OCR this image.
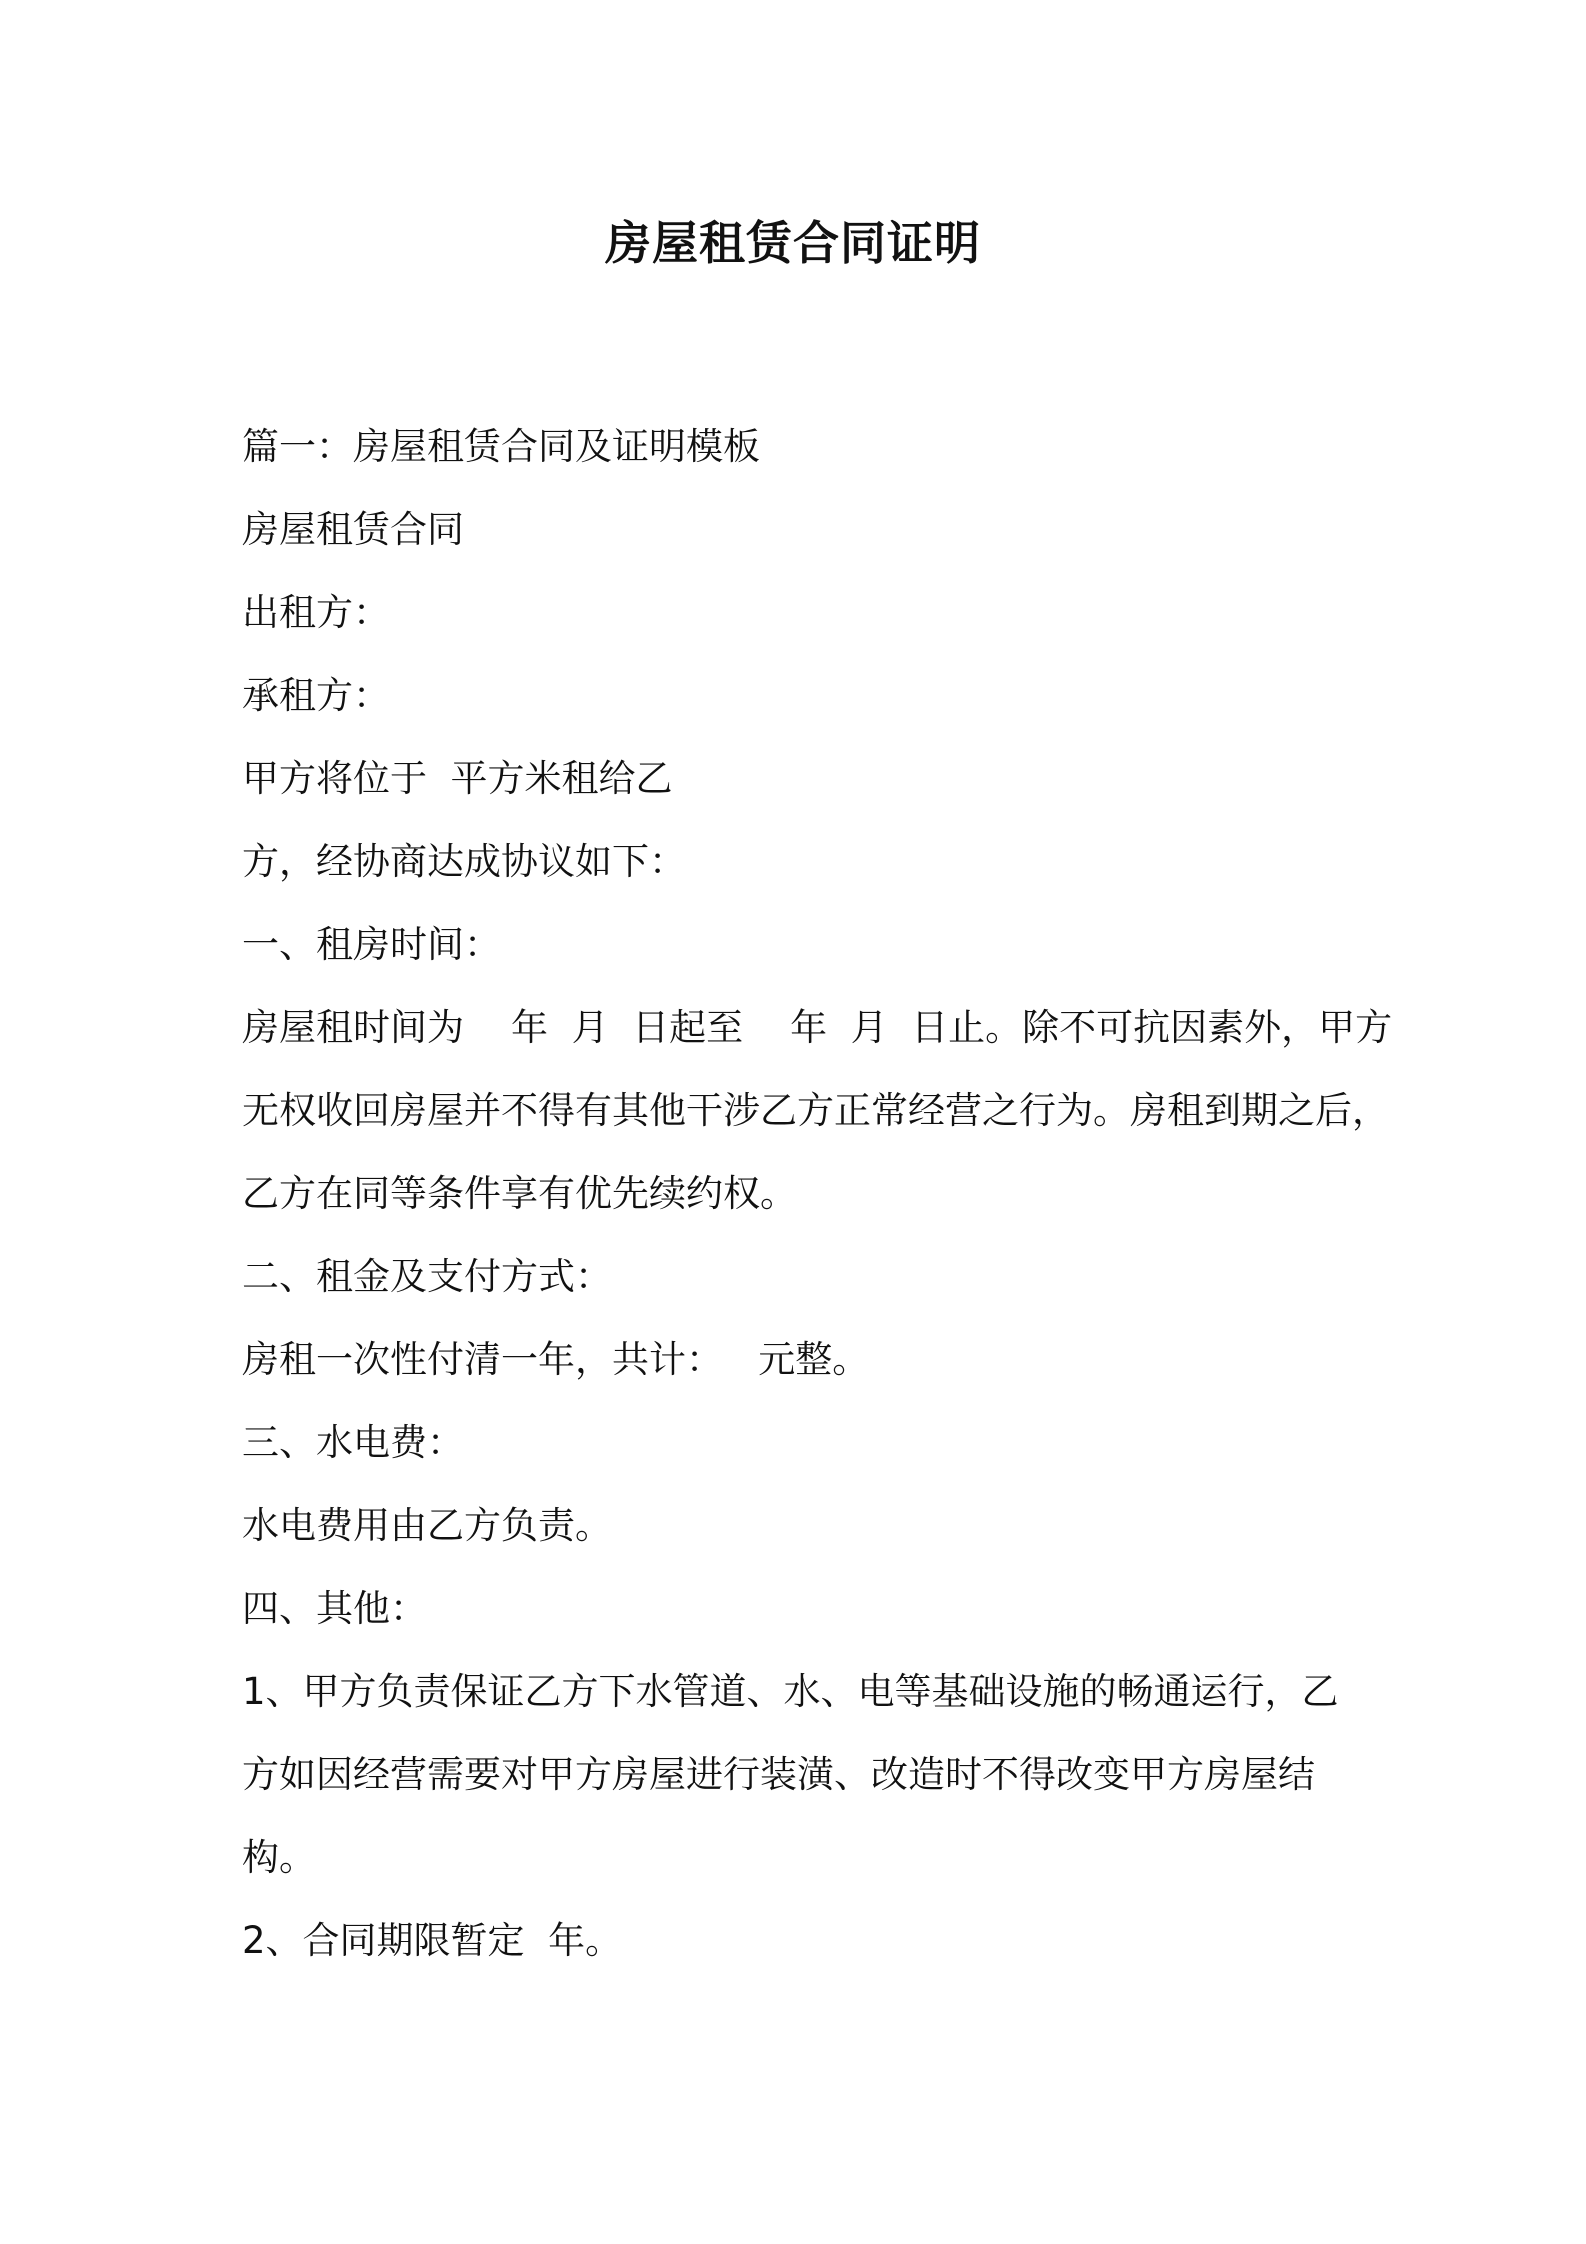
房屋租赁合同证明

篇一：房屋租赁合同及证明模板

房屋租赁合同

出租方：

承租方：

甲方将位于  平方米租给乙

方，经协商达成协议如下：

一、租房时间：

房屋租时间为    年  月  日起至    年  月  日止。除不可抗因素外，甲方

无权收回房屋并不得有其他干涉乙方正常经营之行为。房租到期之后，

乙方在同等条件享有优先续约权。

二、租金及支付方式：

房租一次性付清一年，共计：   元整。

三、水电费：

水电费用由乙方负责。

四、其他：

1、甲方负责保证乙方下水管道、水、电等基础设施的畅通运行，乙

方如因经营需要对甲方房屋进行装潢、改造时不得改变甲方房屋结

构。

2、合同期限暂定  年。
